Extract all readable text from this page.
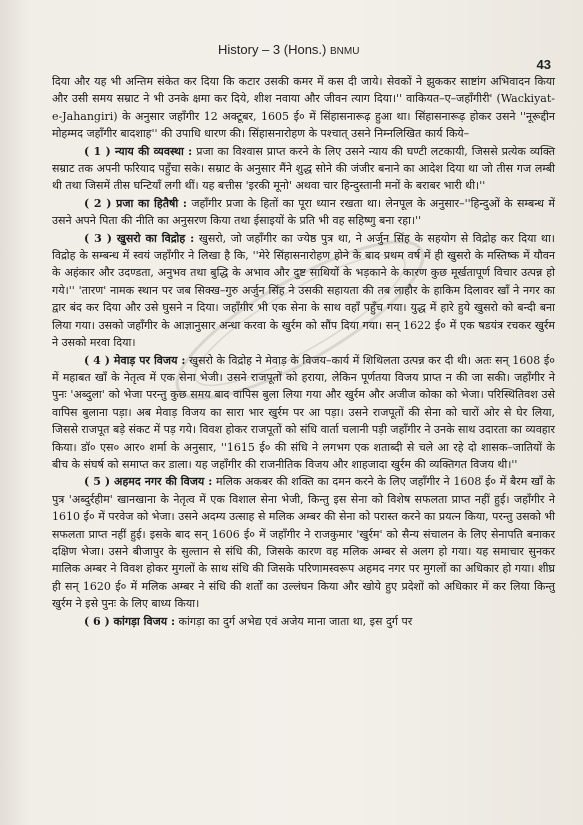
History – 3 (Hons.) BNMU
43

दिया और यह भी अन्तिम संकेत कर दिया कि कटार उसकी कमर में कस दी जाये। सेवकों ने झुककर साष्टांग अभिवादन किया और उसी समय सम्राट ने भी उनके क्षमा कर दिये, शीश नवाया और जीवन त्याग दिया।'' वाकियत–ए–जहाँगीरी' (Wackiyat-e-Jahangiri) के अनुसार जहाँगीर 12 अक्टूबर, 1605 ई० में सिंहासनारूढ़ हुआ था। सिंहासनारूढ़ होकर उसने ''नूरूद्दीन मोहम्मद जहाँगीर बादशाह'' की उपाधि धारण की। सिंहासनारोहण के पश्चात् उसने निम्नलिखित कार्य किये–

( 1 ) न्याय की व्यवस्था : प्रजा का विश्वास प्राप्त करने के लिए उसने न्याय की घण्टी लटकायी, जिससे प्रत्येक व्यक्ति सम्राट तक अपनी फरियाद पहुँचा सके। सम्राट के अनुसार मैंने शुद्ध सोने की जंजीर बनाने का आदेश दिया था जो तीस गज लम्बी थी तथा जिसमें तीस घन्टियाँ लगी थीं। यह बत्तीस 'इरकी मूनो' अथवा चार हिन्दुस्तानी मनों के बराबर भारी थी।''

( 2 ) प्रजा का हितैषी : जहाँगीर प्रजा के हितों का पूरा ध्यान रखता था। लेनपूल के अनुसार–''हिन्दुओं के सम्बन्ध में उसने अपने पिता की नीति का अनुसरण किया तथा ईसाइयों के प्रति भी वह सहिष्णु बना रहा।''

( 3 ) खुसरो का विद्रोह : खुसरो, जो जहाँगीर का ज्येष्ठ पुत्र था, ने अर्जुन सिंह के सहयोग से विद्रोह कर दिया था। विद्रोह के सम्बन्ध में स्वयं जहाँगीर ने लिखा है कि, ''मेरे सिंहासनारोहण होने के बाद प्रथम वर्ष में ही खुसरो के मस्तिष्क में यौवन के अहंकार और उदण्डता, अनुभव तथा बुद्धि के अभाव और दुष्ट साथियों के भड़काने के कारण कुछ मूर्खतापूर्ण विचार उत्पन्न हो गये।'' 'तारण' नामक स्थान पर जब सिक्ख–गुरु अर्जुन सिंह ने उसकी सहायता की तब लाहौर के हाकिम दिलावर खाँ ने नगर का द्वार बंद कर दिया और उसे घुसने न दिया। जहाँगीर भी एक सेना के साथ वहाँ पहुँच गया। युद्ध में हारे हुये खुसरो को बन्दी बना लिया गया। उसको जहाँगीर के आज्ञानुसार अन्धा करवा के खुर्रम को सौंप दिया गया। सन् 1622 ई० में एक षडयंत्र रचकर खुर्रम ने उसको मरवा दिया।

( 4 ) मेवाड़ पर विजय : खुसरो के विद्रोह ने मेवाड़ के विजय–कार्य में शिथिलता उत्पन्न कर दी थी। अतः सन् 1608 ई० में महाबत खाँ के नेतृत्व में एक सेना भेजी। उसने राजपूतों को हराया, लेकिन पूर्णतया विजय प्राप्त न की जा सकी। जहाँगीर ने पुनः 'अब्दुला' को भेजा परन्तु कुछ समय बाद वापिस बुला लिया गया और खुर्रम और अजीज कोका को भेजा। परिस्थितिवश उसे वापिस बुलाना पड़ा। अब मेवाड़ विजय का सारा भार खुर्रम पर आ पड़ा। उसने राजपूतों की सेना को चारों ओर से घेर लिया, जिससे राजपूत बड़े संकट में पड़ गये। विवश होकर राजपूतों को संधि वार्ता चलानी पड़ी जहाँगीर ने उनके साथ उदारता का व्यवहार किया। डॉ० एस० आर० शर्मा के अनुसार, ''1615 ई० की संधि ने लगभग एक शताब्दी से चले आ रहे दो शासक–जातियों के बीच के संघर्ष को समाप्त कर डाला। यह जहाँगीर की राजनीतिक विजय और शाहजादा खुर्रम की व्यक्तिगत विजय थी।''

( 5 ) अहमद नगर की विजय : मलिक अकबर की शक्ति का दमन करने के लिए जहाँगीर ने 1608 ई० में बैरम खाँ के पुत्र 'अब्दुर्रहीम' खानखाना के नेतृत्व में एक विशाल सेना भेजी, किन्तु इस सेना को विशेष सफलता प्राप्त नहीं हुई। जहाँगीर ने 1610 ई० में परवेज को भेजा। उसने अदम्य उत्साह से मलिक अम्बर की सेना को परास्त करने का प्रयत्न किया, परन्तु उसको भी सफलता प्राप्त नहीं हुई। इसके बाद सन् 1606 ई० में जहाँगीर ने राजकुमार 'खुर्रम' को सैन्य संचालन के लिए सेनापति बनाकर दक्षिण भेजा। उसने बीजापुर के सुल्तान से संधि की, जिसके कारण वह मलिक अम्बर से अलग हो गया। यह समाचार सुनकर मालिक अम्बर ने विवश होकर मुगलों के साथ संधि की जिसके परिणामस्वरूप अहमद नगर पर मुगलों का अधिकार हो गया। शीघ्र ही सन् 1620 ई० में मलिक अम्बर ने संधि की शर्तों का उल्लंघन किया और खोये हुए प्रदेशों को अधिकार में कर लिया किन्तु खुर्रम ने इसे पुनः के लिए बाध्य किया।

( 6 ) कांगड़ा विजय : कांगड़ा का दुर्ग अभेद्य एवं अजेय माना जाता था, इस दुर्ग पर
